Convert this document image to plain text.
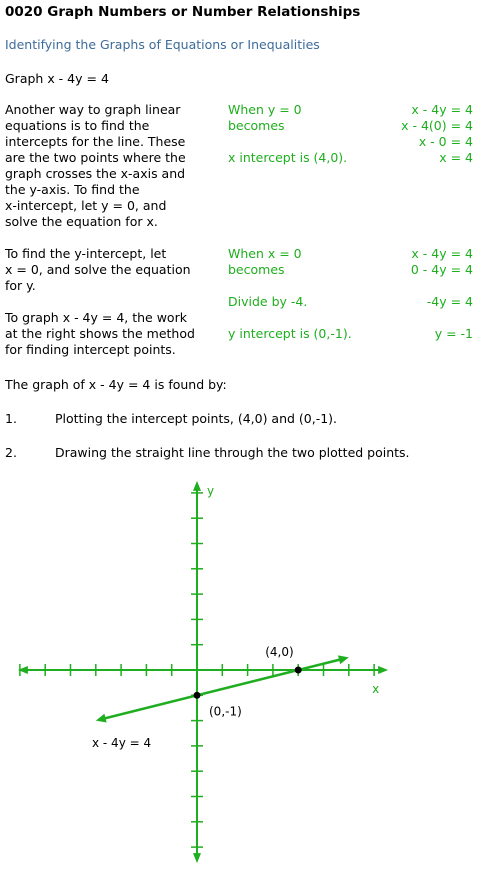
0020 Graph Numbers or Number Relationships
Identifying the Graphs of Equations or Inequalities
Graph x - 4y = 4
Another way to graph linear
equations is to find the
intercepts for the line. These
are the two points where the
graph crosses the x-axis and
the y-axis. To find the
x-intercept, let y = 0, and
solve the equation for x.
When y = 0
becomes
x intercept is (4,0).
x - 4y = 4
x - 4(0) = 4
x - 0 = 4
x = 4
To find the y-intercept, let
x = 0, and solve the equation
for y.
To graph x - 4y = 4, the work
at the right shows the method
for finding intercept points.
When x = 0
becomes
Divide by -4.
y intercept is (0,-1).
x - 4y = 4
0 - 4y = 4
-4y = 4
y = -1
The graph of x - 4y = 4 is found by:
1.	Plotting the intercept points, (4,0) and (0,-1).
2.	Drawing the straight line through the two plotted points.
x
y
(4,0)
(0,-1)
x - 4y = 4
